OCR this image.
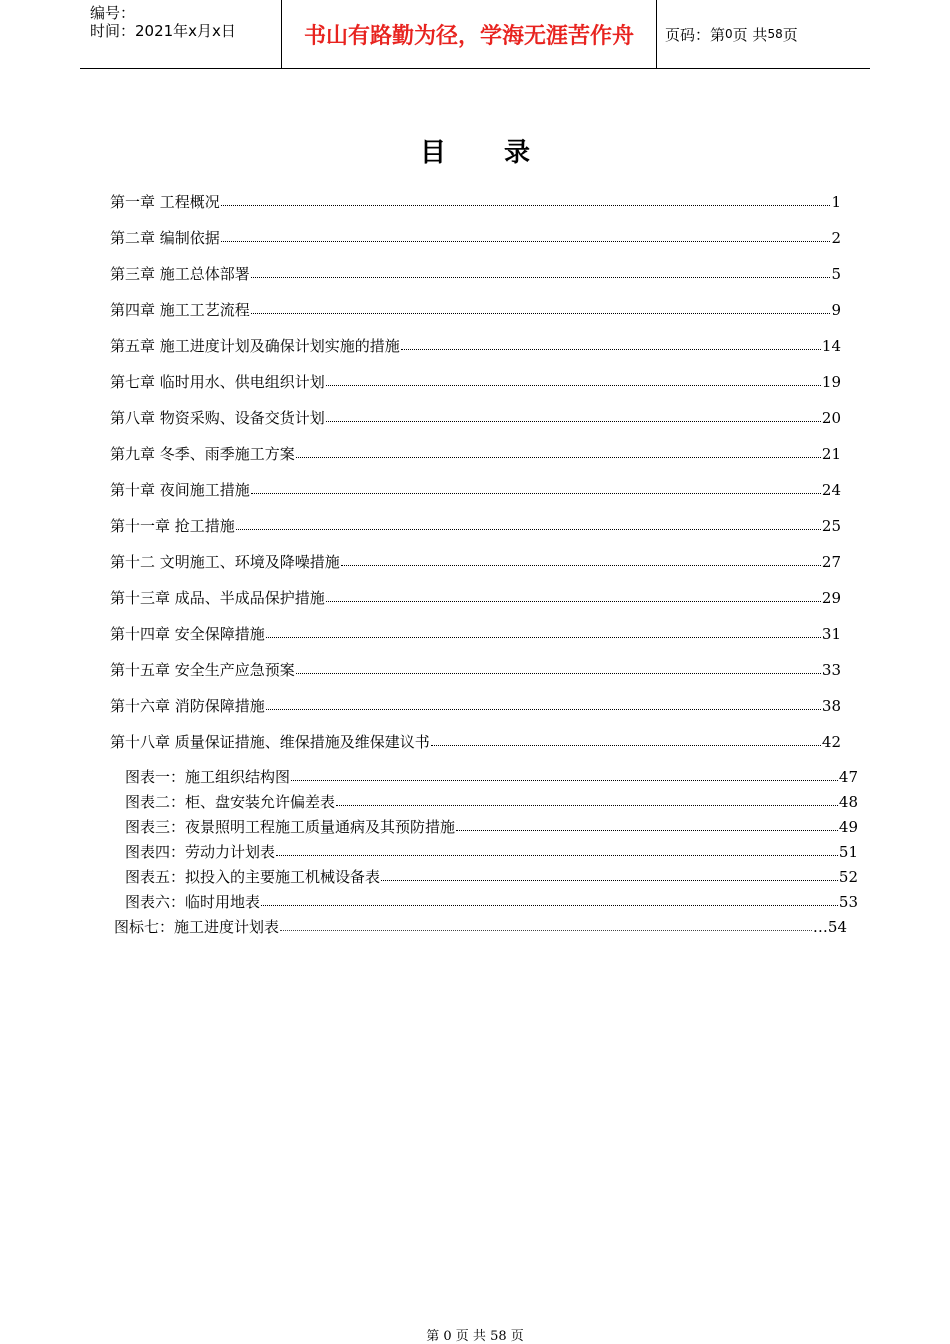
编号：
时间：2021年x月x日	书山有路勤为径，学海无涯苦作舟	页码：第 0 页 共 58 页
目 录
第一章 工程概况	1
第二章 编制依据	2
第三章 施工总体部署	5
第四章 施工工艺流程	9
第五章 施工进度计划及确保计划实施的措施	14
第七章 临时用水、供电组织计划	19
第八章 物资采购、设备交货计划	20
第九章 冬季、雨季施工方案	21
第十章 夜间施工措施	24
第十一章 抢工措施	25
第十二 文明施工、环境及降噪措施	27
第十三章 成品、半成品保护措施	29
第十四章 安全保障措施	31
第十五章 安全生产应急预案	33
第十六章 消防保障措施	38
第十八章 质量保证措施、维保措施及维保建议书	42
图表一：施工组织结构图	47
图表二：柜、盘安装允许偏差表	48
图表三：夜景照明工程施工质量通病及其预防措施	49
图表四：劳动力计划表	51
图表五：拟投入的主要施工机械设备表	52
图表六：临时用地表	53
图标七：施工进度计划表	…54
第 0 页 共 58 页
